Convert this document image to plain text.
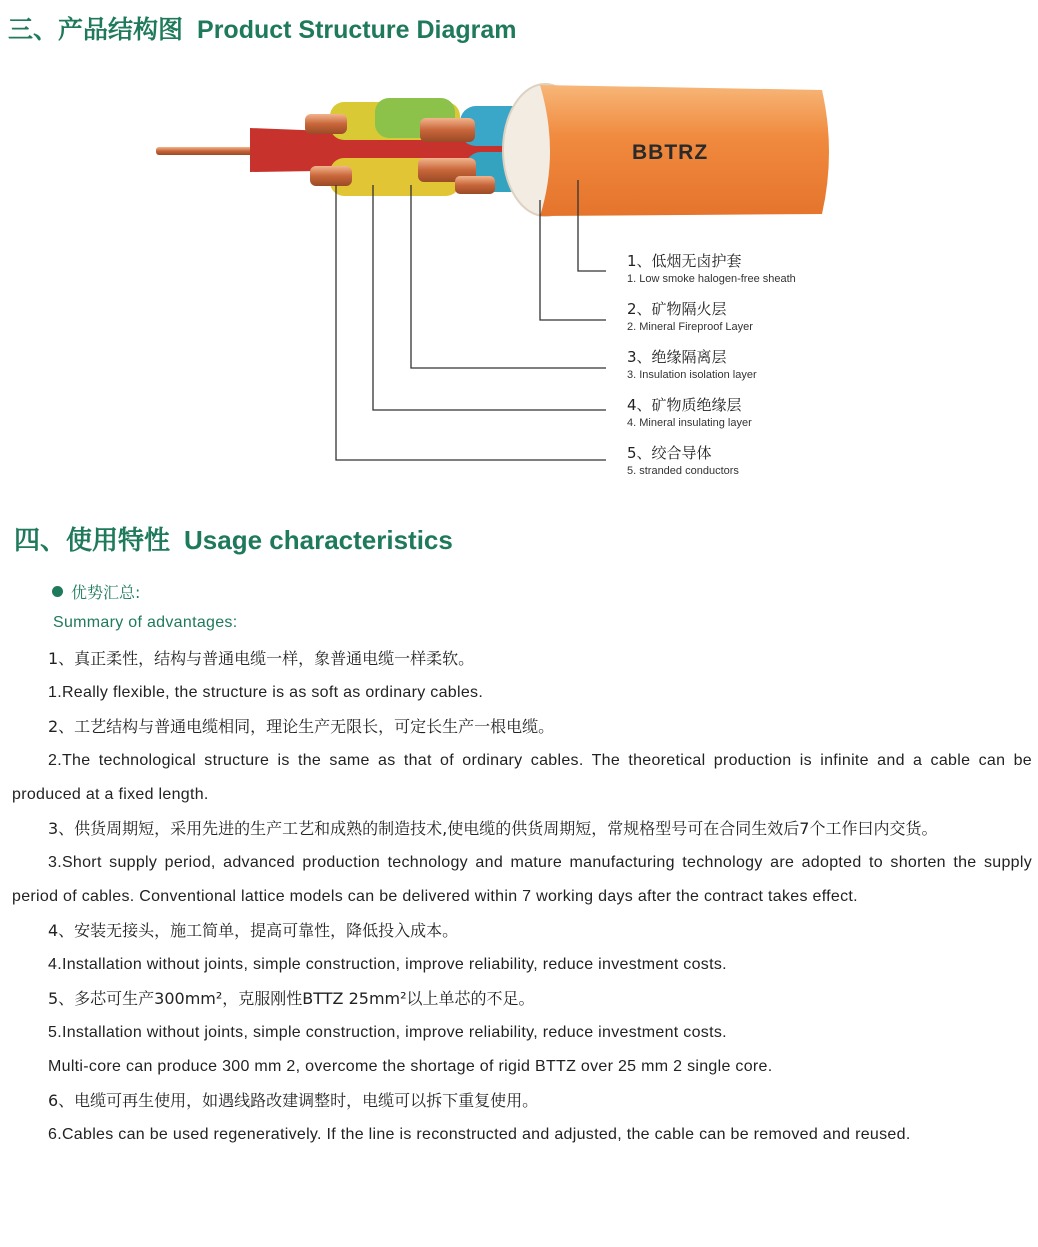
三、产品结构图 Product Structure Diagram
BBTRZ
1、低烟无卤护套
1. Low smoke halogen-free sheath
2、矿物隔火层
2. Mineral Fireproof Layer
3、绝缘隔离层
3. Insulation isolation layer
4、矿物质绝缘层
4. Mineral insulating layer
5、绞合导体
5. stranded conductors
四、使用特性 Usage characteristics
优势汇总:
Summary of advantages:

1、真正柔性，结构与普通电缆一样，象普通电缆一样柔软。

1.Really flexible, the structure is as soft as ordinary cables.

2、工艺结构与普通电缆相同，理论生产无限长，可定长生产一根电缆。

2.The technological structure is the same as that of ordinary cables. The theoretical production is infinite and a cable can be produced at a fixed length.

3、供货周期短，采用先进的生产工艺和成熟的制造技术,使电缆的供货周期短，常规格型号可在合同生效后7个工作曰内交货。

3.Short supply period, advanced production technology and mature manufacturing technology are adopted to shorten the supply period of cables. Conventional lattice models can be delivered within 7 working days after the contract takes effect.

4、安装无接头，施工简单，提高可靠性，降低投入成本。

4.Installation without joints, simple construction, improve reliability, reduce investment costs.

5、多芯可生产300mm²，克服刚性BTTZ 25mm²以上单芯的不足。

5.Installation without joints, simple construction, improve reliability, reduce investment costs.

Multi-core can produce 300 mm 2, overcome the shortage of rigid BTTZ over 25 mm 2 single core.

6、电缆可再生使用，如遇线路改建调整时，电缆可以拆下重复使用。

6.Cables can be used regeneratively. If the line is reconstructed and adjusted, the cable can be removed and reused.
